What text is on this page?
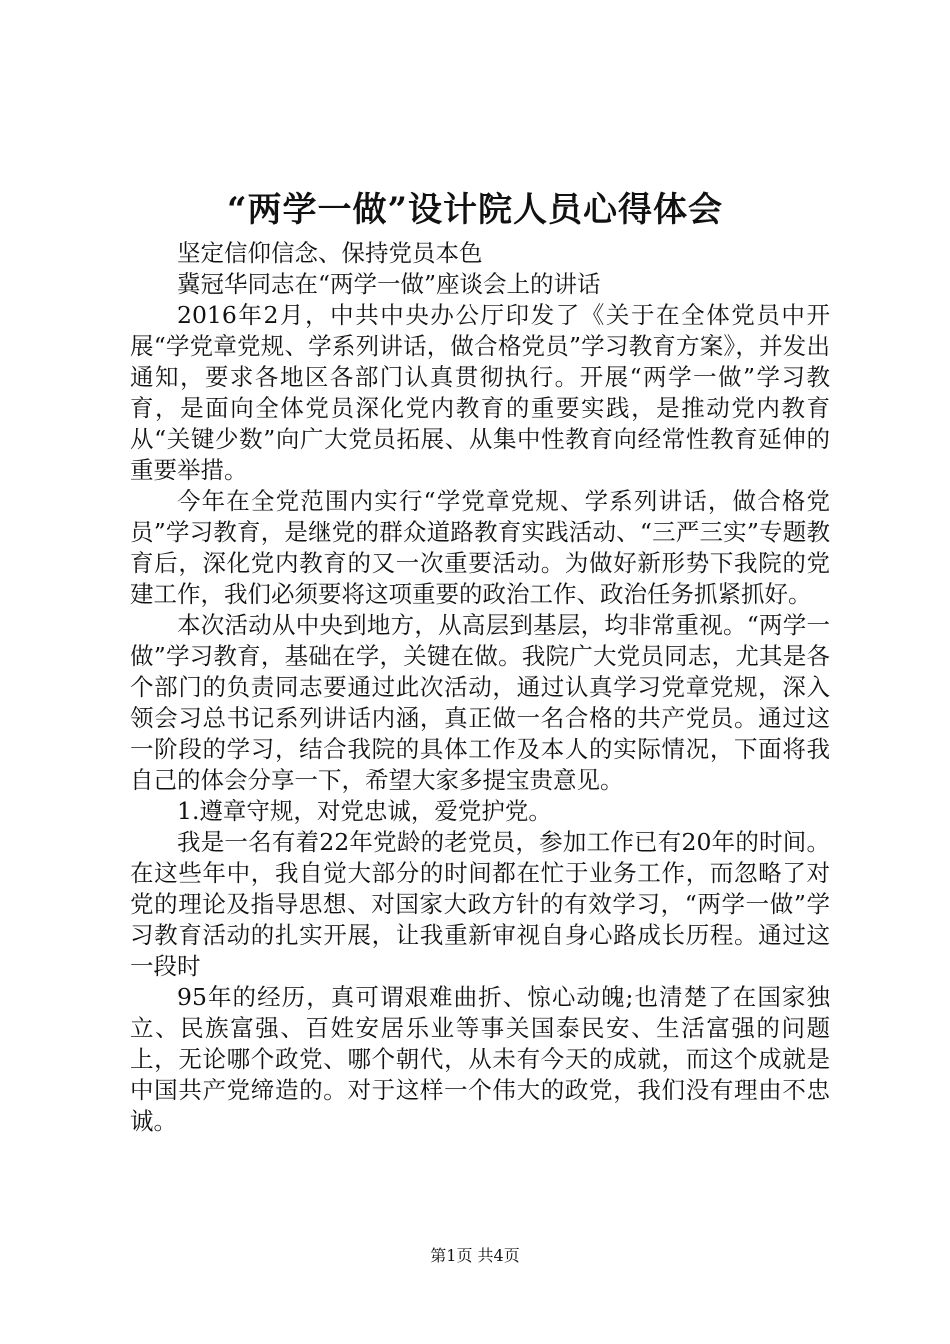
“两学一做”设计院人员心得体会

坚定信仰信念、保持党员本色

冀冠华同志在“两学一做”座谈会上的讲话

2016年2月，中共中央办公厅印发了《关于在全体党员中开展“学党章党规、学系列讲话，做合格党员”学习教育方案》，并发出通知，要求各地区各部门认真贯彻执行。开展“两学一做”学习教育，是面向全体党员深化党内教育的重要实践，是推动党内教育从“关键少数”向广大党员拓展、从集中性教育向经常性教育延伸的重要举措。

今年在全党范围内实行“学党章党规、学系列讲话，做合格党员”学习教育，是继党的群众道路教育实践活动、“三严三实”专题教育后，深化党内教育的又一次重要活动。为做好新形势下我院的党建工作，我们必须要将这项重要的政治工作、政治任务抓紧抓好。

本次活动从中央到地方，从高层到基层，均非常重视。“两学一做”学习教育，基础在学，关键在做。我院广大党员同志，尤其是各个部门的负责同志要通过此次活动，通过认真学习党章党规，深入领会习总书记系列讲话内涵，真正做一名合格的共产党员。通过这一阶段的学习，结合我院的具体工作及本人的实际情况，下面将我自己的体会分享一下，希望大家多提宝贵意见。

1.遵章守规，对党忠诚，爱党护党。

我是一名有着22年党龄的老党员，参加工作已有20年的时间。在这些年中，我自觉大部分的时间都在忙于业务工作，而忽略了对党的理论及指导思想、对国家大政方针的有效学习，“两学一做”学习教育活动的扎实开展，让我重新审视自身心路成长历程。通过这一段时

95年的经历，真可谓艰难曲折、惊心动魄;也清楚了在国家独立、民族富强、百姓安居乐业等事关国泰民安、生活富强的问题上，无论哪个政党、哪个朝代，从未有今天的成就，而这个成就是中国共产党缔造的。对于这样一个伟大的政党，我们没有理由不忠诚。

第1页 共4页
